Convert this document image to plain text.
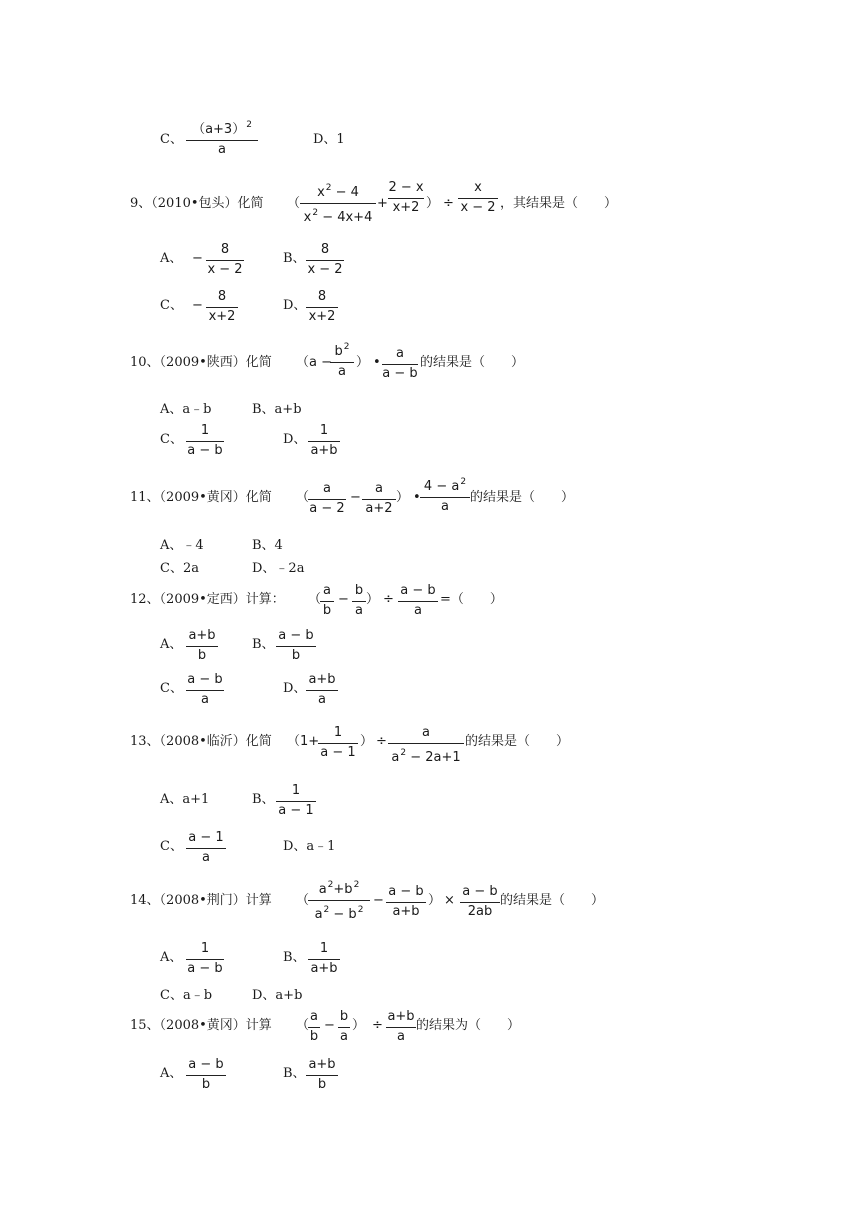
C、
$(a+3)^2$
a
D、1
9、（2010•包头）化简 （
$x^2 - 4$
$x^2 - 4x+4$
+
2 − x
x+2 ） ÷
x
x − 2 ，其结果是（　　）
A、 −
8
x − 2
B、
8
x − 2
C、 −
8
x+2
D、
8
x+2
10、（2009•陕西）化简 （a −
$b^2$
a
） •
a
a − b
的结果是（　　）
A、a﹣b	B、a+b
C、
1
a − b
D、
1
a+b
11、（2009•黄冈）化简 （
a
a − 2
−
a
a+2
） •
$4 - a^2$
a
的结果是（　　）
A、﹣4	B、4
C、2a	D、﹣2a
12、（2009•定西）计算： （
a
b
−
b
a
） ÷
a − b
a
=（　　）
A、
a+b
b
B、
a − b
b
C、
a − b
a
D、
a+b
a
13、（2008•临沂）化简 （1+
1
a − 1
） ÷
a
$a^2 - 2a+1$
的结果是（　　）
A、a+1	B、
1
a − 1
C、
a − 1
a
D、a﹣1
14、（2008•荆门）计算 （
$a^2+b^2$
$a^2 - b^2$
−
a − b
a+b
） ×
a − b
2ab
的结果是（　　）
A、
1
a − b
B、
1
a+b
C、a﹣b	D、a+b
15、（2008•黄冈）计算 （
a
b
−
b
a
） ÷
a+b
a
的结果为（　　）
A、
a − b
b
B、
a+b
b
